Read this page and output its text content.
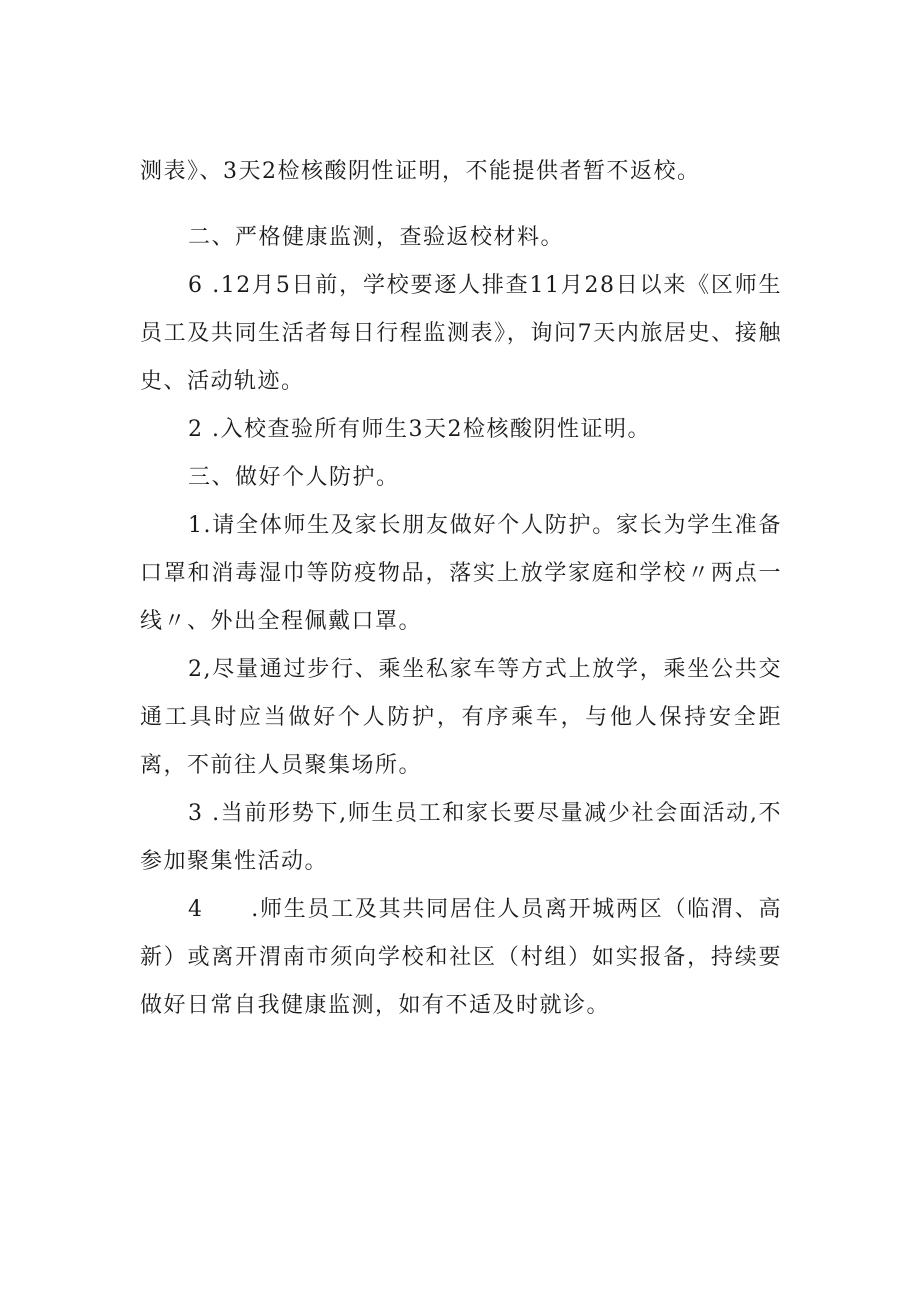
测表》、3天2检核酸阴性证明，不能提供者暂不返校。

二、严格健康监测，查验返校材料。

6 .12月5日前，学校要逐人排查11月28日以来《区师生员工及共同生活者每日行程监测表》，询问7天内旅居史、接触史、活动轨迹。

2 .入校查验所有师生3天2检核酸阴性证明。

三、做好个人防护。

1.请全体师生及家长朋友做好个人防护。家长为学生准备口罩和消毒湿巾等防疫物品，落实上放学家庭和学校〃两点一线〃、外出全程佩戴口罩。

2,尽量通过步行、乘坐私家车等方式上放学，乘坐公共交通工具时应当做好个人防护，有序乘车，与他人保持安全距离，不前往人员聚集场所。

3 .当前形势下,师生员工和家长要尽量减少社会面活动,不参加聚集性活动。

4　　.师生员工及其共同居住人员离开城两区（临渭、高新）或离开渭南市须向学校和社区（村组）如实报备，持续要做好日常自我健康监测，如有不适及时就诊。
